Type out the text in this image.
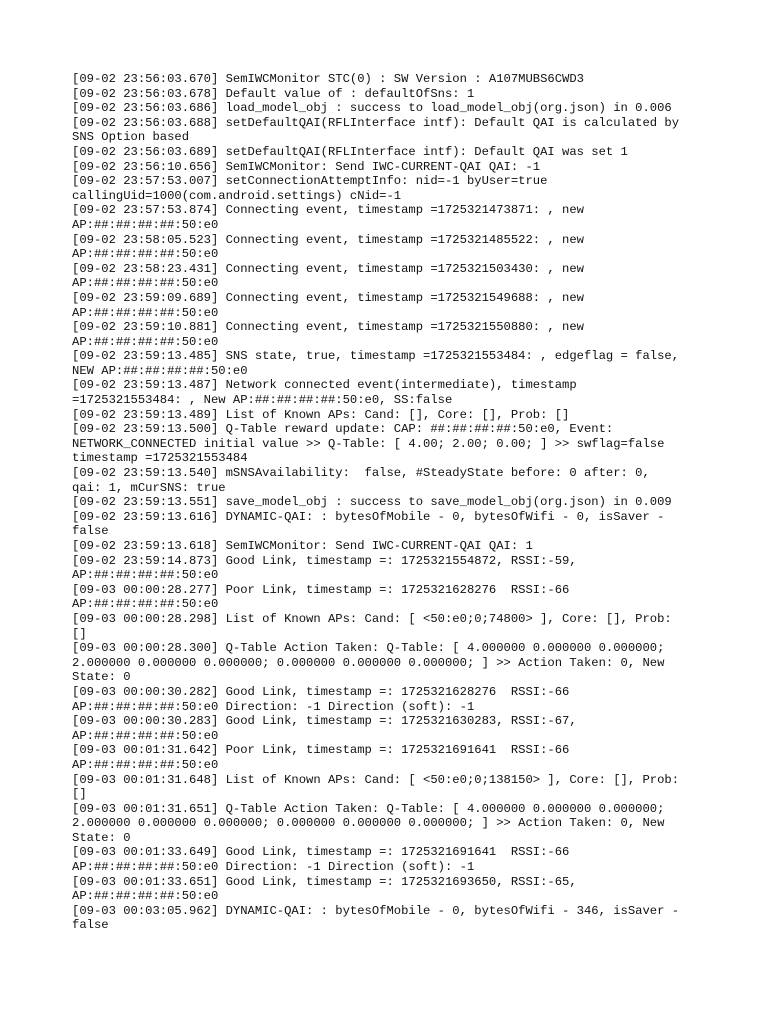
[09-02 23:56:03.670] SemIWCMonitor STC(0) : SW Version : A107MUBS6CWD3
[09-02 23:56:03.678] Default value of : defaultOfSns: 1
[09-02 23:56:03.686] load_model_obj : success to load_model_obj(org.json) in 0.006
[09-02 23:56:03.688] setDefaultQAI(RFLInterface intf): Default QAI is calculated by
SNS Option based
[09-02 23:56:03.689] setDefaultQAI(RFLInterface intf): Default QAI was set 1
[09-02 23:56:10.656] SemIWCMonitor: Send IWC-CURRENT-QAI QAI: -1
[09-02 23:57:53.007] setConnectionAttemptInfo: nid=-1 byUser=true
callingUid=1000(com.android.settings) cNid=-1
[09-02 23:57:53.874] Connecting event, timestamp =1725321473871: , new
AP:##:##:##:##:50:e0
[09-02 23:58:05.523] Connecting event, timestamp =1725321485522: , new
AP:##:##:##:##:50:e0
[09-02 23:58:23.431] Connecting event, timestamp =1725321503430: , new
AP:##:##:##:##:50:e0
[09-02 23:59:09.689] Connecting event, timestamp =1725321549688: , new
AP:##:##:##:##:50:e0
[09-02 23:59:10.881] Connecting event, timestamp =1725321550880: , new
AP:##:##:##:##:50:e0
[09-02 23:59:13.485] SNS state, true, timestamp =1725321553484: , edgeflag = false,
NEW AP:##:##:##:##:50:e0
[09-02 23:59:13.487] Network connected event(intermediate), timestamp
=1725321553484: , New AP:##:##:##:##:50:e0, SS:false
[09-02 23:59:13.489] List of Known APs: Cand: [], Core: [], Prob: []
[09-02 23:59:13.500] Q-Table reward update: CAP: ##:##:##:##:50:e0, Event:
NETWORK_CONNECTED initial value >> Q-Table: [ 4.00; 2.00; 0.00; ] >> swflag=false
timestamp =1725321553484
[09-02 23:59:13.540] mSNSAvailability:  false, #SteadyState before: 0 after: 0,
qai: 1, mCurSNS: true
[09-02 23:59:13.551] save_model_obj : success to save_model_obj(org.json) in 0.009
[09-02 23:59:13.616] DYNAMIC-QAI: : bytesOfMobile - 0, bytesOfWifi - 0, isSaver -
false
[09-02 23:59:13.618] SemIWCMonitor: Send IWC-CURRENT-QAI QAI: 1
[09-02 23:59:14.873] Good Link, timestamp =: 1725321554872, RSSI:-59,
AP:##:##:##:##:50:e0
[09-03 00:00:28.277] Poor Link, timestamp =: 1725321628276  RSSI:-66
AP:##:##:##:##:50:e0
[09-03 00:00:28.298] List of Known APs: Cand: [ <50:e0;0;74800> ], Core: [], Prob:
[]
[09-03 00:00:28.300] Q-Table Action Taken: Q-Table: [ 4.000000 0.000000 0.000000;
2.000000 0.000000 0.000000; 0.000000 0.000000 0.000000; ] >> Action Taken: 0, New
State: 0
[09-03 00:00:30.282] Good Link, timestamp =: 1725321628276  RSSI:-66
AP:##:##:##:##:50:e0 Direction: -1 Direction (soft): -1
[09-03 00:00:30.283] Good Link, timestamp =: 1725321630283, RSSI:-67,
AP:##:##:##:##:50:e0
[09-03 00:01:31.642] Poor Link, timestamp =: 1725321691641  RSSI:-66
AP:##:##:##:##:50:e0
[09-03 00:01:31.648] List of Known APs: Cand: [ <50:e0;0;138150> ], Core: [], Prob:
[]
[09-03 00:01:31.651] Q-Table Action Taken: Q-Table: [ 4.000000 0.000000 0.000000;
2.000000 0.000000 0.000000; 0.000000 0.000000 0.000000; ] >> Action Taken: 0, New
State: 0
[09-03 00:01:33.649] Good Link, timestamp =: 1725321691641  RSSI:-66
AP:##:##:##:##:50:e0 Direction: -1 Direction (soft): -1
[09-03 00:01:33.651] Good Link, timestamp =: 1725321693650, RSSI:-65,
AP:##:##:##:##:50:e0
[09-03 00:03:05.962] DYNAMIC-QAI: : bytesOfMobile - 0, bytesOfWifi - 346, isSaver -
false
